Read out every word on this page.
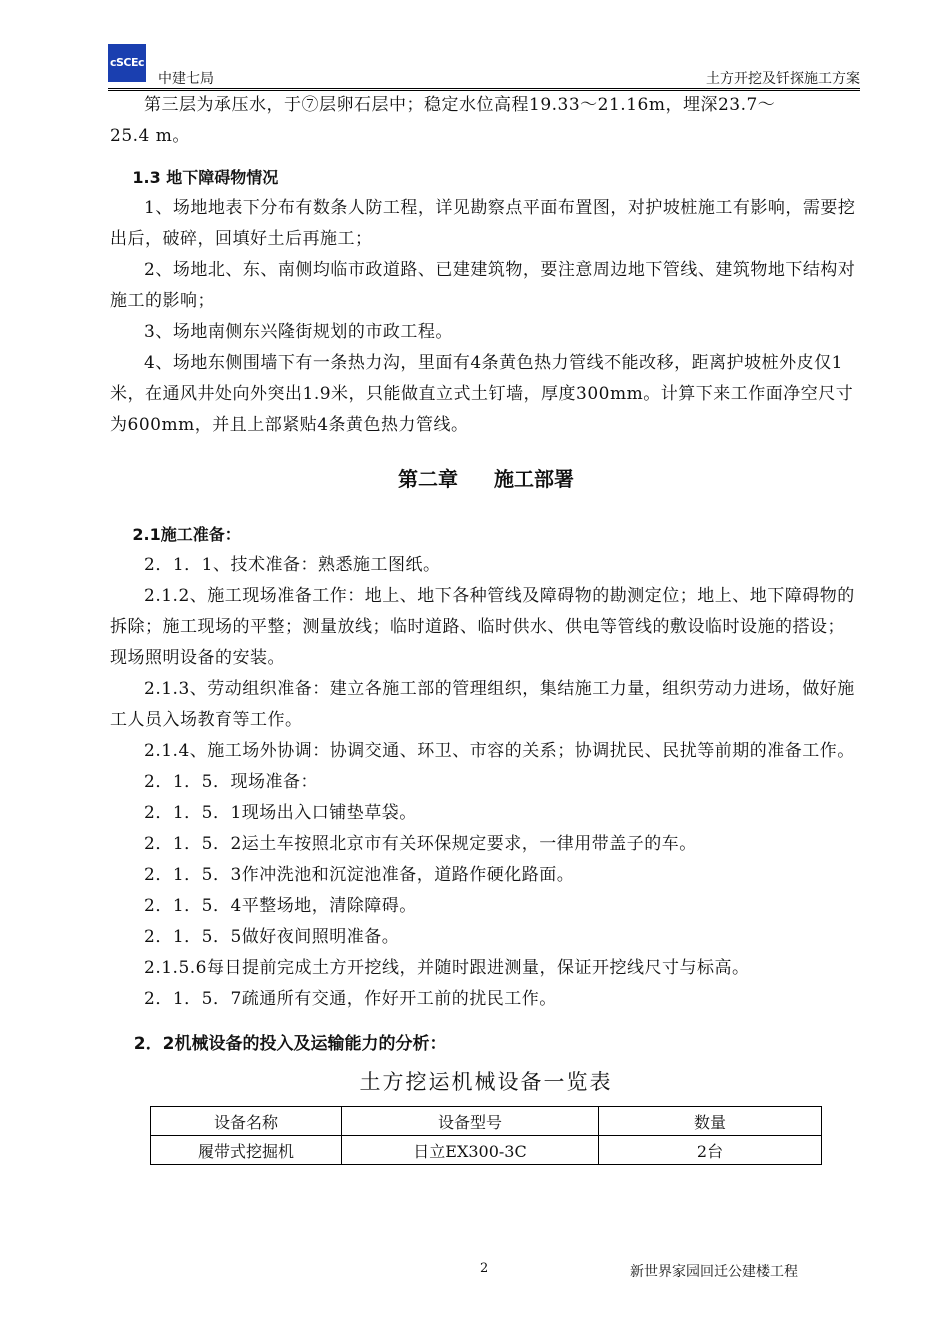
cSCEc
中建七局	土方开挖及钎探施工方案

第三层为承压水，于⑦层卵石层中；稳定水位高程19.33～21.16m，埋深23.7～

25.4 m。

1.3 地下障碍物情况

1、场地地表下分布有数条人防工程，详见勘察点平面布置图，对护坡桩施工有影响，需要挖出后，破碎，回填好土后再施工；

2、场地北、东、南侧均临市政道路、已建建筑物，要注意周边地下管线、建筑物地下结构对施工的影响；

3、场地南侧东兴隆街规划的市政工程。

4、场地东侧围墙下有一条热力沟，里面有4条黄色热力管线不能改移，距离护坡桩外皮仅1米，在通风井处向外突出1.9米，只能做直立式土钉墙，厚度300mm。计算下来工作面净空尺寸为600mm，并且上部紧贴4条黄色热力管线。

第二章 施工部署
2.1施工准备：

2．1．1、技术准备：熟悉施工图纸。

2.1.2、施工现场准备工作：地上、地下各种管线及障碍物的勘测定位；地上、地下障碍物的拆除；施工现场的平整；测量放线；临时道路、临时供水、供电等管线的敷设临时设施的搭设；现场照明设备的安装。

2.1.3、劳动组织准备：建立各施工部的管理组织，集结施工力量，组织劳动力进场，做好施工人员入场教育等工作。

2.1.4、施工场外协调：协调交通、环卫、市容的关系；协调扰民、民扰等前期的准备工作。

2．1．5．现场准备：

2．1．5．1现场出入口铺垫草袋。

2．1．5．2运土车按照北京市有关环保规定要求，一律用带盖子的车。

2．1．5．3作冲洗池和沉淀池准备，道路作硬化路面。

2．1．5．4平整场地，清除障碍。

2．1．5．5做好夜间照明准备。

2.1.5.6每日提前完成土方开挖线，并随时跟进测量，保证开挖线尺寸与标高。

2．1．5．7疏通所有交通，作好开工前的扰民工作。

2．2机械设备的投入及运输能力的分析：
土方挖运机械设备一览表
设备名称	设备型号	数量
履带式挖掘机	日立EX300-3C	2台
2	新世界家园回迁公建楼工程
